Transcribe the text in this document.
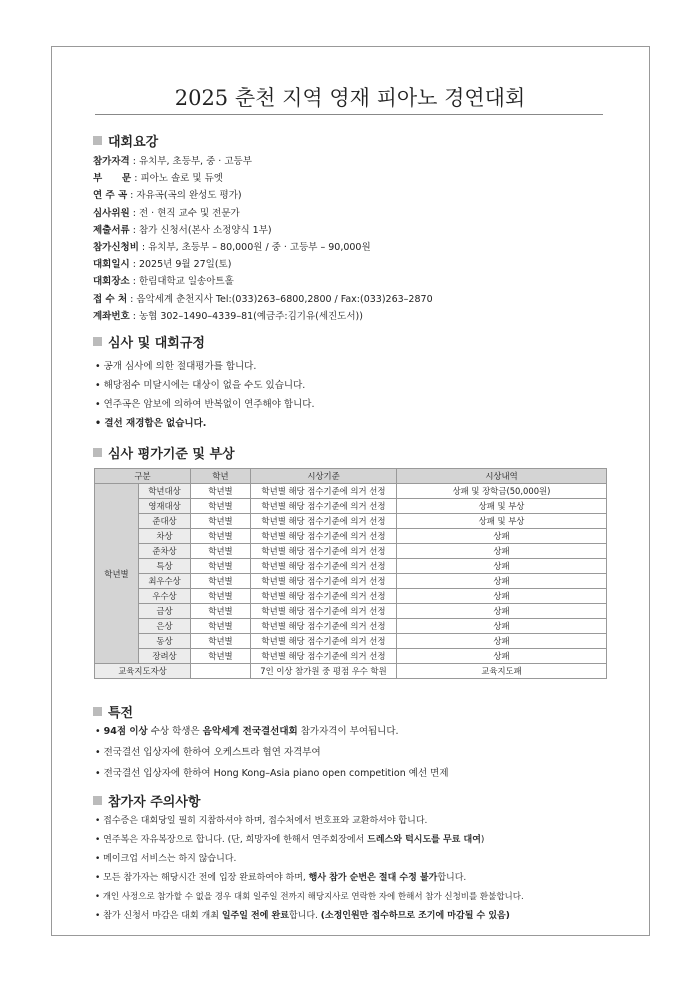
2025 춘천 지역 영재 피아노 경연대회
대회요강
참가자격 : 유치부, 초등부, 중 · 고등부
부      문 : 피아노 솔로 및 듀엣
연 주 곡 : 자유곡(곡의 완성도 평가)
심사위원 : 전 · 현직 교수 및 전문가
제출서류 : 참가 신청서(본사 소정양식 1부)
참가신청비 : 유치부, 초등부 – 80,000원 / 중 · 고등부 – 90,000원
대회일시 : 2025년 9월 27일(토)
대회장소 : 한림대학교 일송아트홀
접 수 처 : 음악세계 춘천지사 Tel:(033)263–6800,2800 / Fax:(033)263–2870
계좌번호 : 농협 302–1490–4339–81(예금주:김기유(세진도서))
심사 및 대회규정
• 공개 심사에 의한 절대평가를 합니다.
• 해당점수 미달시에는 대상이 없을 수도 있습니다.
• 연주곡은 암보에 의하여 반복없이 연주해야 합니다.
• 결선 재경합은 없습니다.
심사 평가기준 및 부상
구분		학년	시상기준	시상내역
학년별	학년대상	학년별	학년별 해당 점수기준에 의거 선정	상패 및 장학금(50,000원)
	영재대상	학년별	학년별 해당 점수기준에 의거 선정	상패 및 부상
	준대상	학년별	학년별 해당 점수기준에 의거 선정	상패 및 부상
	차상	학년별	학년별 해당 점수기준에 의거 선정	상패
	준차상	학년별	학년별 해당 점수기준에 의거 선정	상패
	특상	학년별	학년별 해당 점수기준에 의거 선정	상패
	최우수상	학년별	학년별 해당 점수기준에 의거 선정	상패
	우수상	학년별	학년별 해당 점수기준에 의거 선정	상패
	금상	학년별	학년별 해당 점수기준에 의거 선정	상패
	은상	학년별	학년별 해당 점수기준에 의거 선정	상패
	동상	학년별	학년별 해당 점수기준에 의거 선정	상패
	장려상	학년별	학년별 해당 점수기준에 의거 선정	상패
교육지도자상			7인 이상 참가원 중 평점 우수 학원	교육지도패
특전
• 94점 이상 수상 학생은 음악세계 전국결선대회 참가자격이 부여됩니다.
• 전국결선 입상자에 한하여 오케스트라 협연 자격부여
• 전국결선 입상자에 한하여 Hong Kong–Asia piano open competition 예선 면제
참가자 주의사항
• 접수증은 대회당일 필히 지참하셔야 하며, 접수처에서 번호표와 교환하셔야 합니다.
• 연주복은 자유복장으로 합니다. (단, 희망자에 한해서 연주회장에서 드레스와 턱시도를 무료 대여)
• 메이크업 서비스는 하지 않습니다.
• 모든 참가자는 해당시간 전에 입장 완료하여야 하며, 행사 참가 순번은 절대 수정 불가합니다.
• 개인 사정으로 참가할 수 없을 경우 대회 일주일 전까지 해당지사로 연락한 자에 한해서 참가 신청비를 환불합니다.
• 참가 신청서 마감은 대회 개최 일주일 전에 완료합니다. (소정인원만 접수하므로 조기에 마감될 수 있음)
